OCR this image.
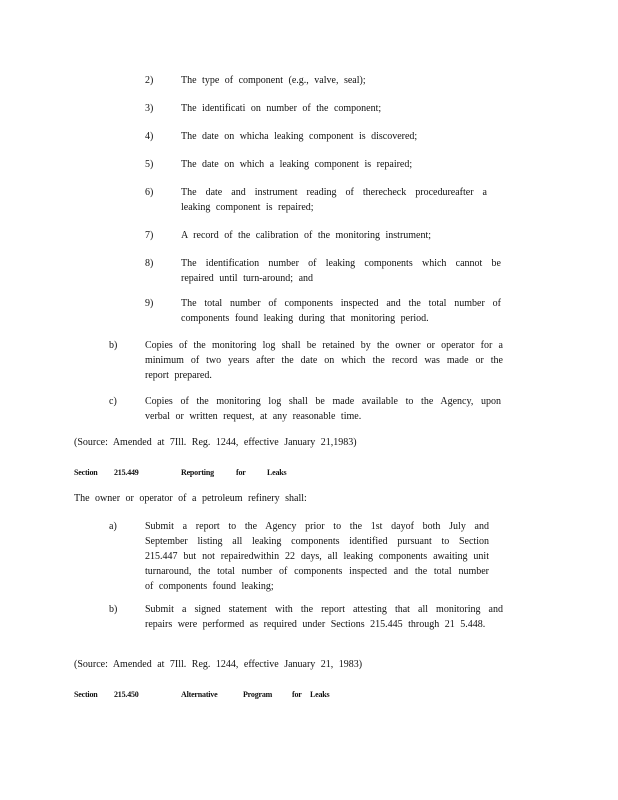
2)	The type of component (e.g., valve, seal);
3)	The identificati on number of the component;
4)	The date on whicha leaking component is discovered;
5)	The date on which a leaking component is repaired;
6)	The date and instrument reading of therecheck procedureafter a leaking component is repaired;
7)	A record of the calibration of the monitoring instrument;
8)	The identification number of leaking components which cannot be repaired until turn-around; and
9)	The total number of components inspected and the total number of components found leaking during that monitoring period.
b)	Copies of the monitoring log shall be retained by the owner or operator for a minimum of two years after the date on which the record was made or the report prepared.
c)	Copies of the monitoring log shall be made available to the Agency, upon verbal or written request, at any reasonable time.
(Source: Amended at 7Ill. Reg. 1244, effective January 21,1983)
Section 215.449	Reporting	for	Leaks
The owner or operator of a petroleum refinery shall:
a)	Submit a report to the Agency prior to the 1st dayof both July and September listing all leaking components identified pursuant to Section 215.447 but not repairedwithin 22 days, all leaking components awaiting unit turnaround, the total number of components inspected and the total number of components found leaking;
b)	Submit a signed statement with the report attesting that all monitoring and repairs were performed as required under Sections 215.445 through 21 5.448.
(Source: Amended at 7Ill. Reg. 1244, effective January 21, 1983)
Section 215.450	Alternative	Program for Leaks
